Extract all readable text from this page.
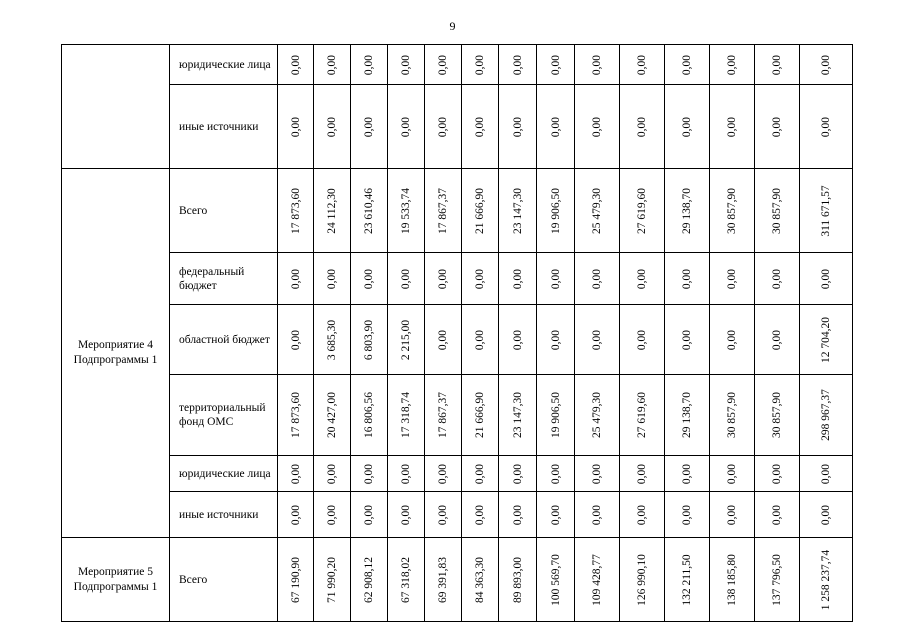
9
	юридические лица	0,00	0,00	0,00	0,00	0,00	0,00	0,00	0,00	0,00	0,00	0,00	0,00	0,00	0,00

	иные источники	0,00	0,00	0,00	0,00	0,00	0,00	0,00	0,00	0,00	0,00	0,00	0,00	0,00	0,00

Мероприятие 4 Подпрограммы 1	Всего	17 873,60	24 112,30	23 610,46	19 533,74	17 867,37	21 666,90	23 147,30	19 906,50	25 479,30	27 619,60	29 138,70	30 857,90	30 857,90	311 671,57

	федеральный бюджет	0,00	0,00	0,00	0,00	0,00	0,00	0,00	0,00	0,00	0,00	0,00	0,00	0,00	0,00

	областной бюджет	0,00	3 685,30	6 803,90	2 215,00	0,00	0,00	0,00	0,00	0,00	0,00	0,00	0,00	0,00	12 704,20

	территориальный фонд ОМС	17 873,60	20 427,00	16 806,56	17 318,74	17 867,37	21 666,90	23 147,30	19 906,50	25 479,30	27 619,60	29 138,70	30 857,90	30 857,90	298 967,37

	юридические лица	0,00	0,00	0,00	0,00	0,00	0,00	0,00	0,00	0,00	0,00	0,00	0,00	0,00	0,00

	иные источники	0,00	0,00	0,00	0,00	0,00	0,00	0,00	0,00	0,00	0,00	0,00	0,00	0,00	0,00

Мероприятие 5 Подпрограммы 1	Всего	67 190,90	71 990,20	62 908,12	67 318,02	69 391,83	84 363,30	89 893,00	100 569,70	109 428,77	126 990,10	132 211,50	138 185,80	137 796,50	1 258 237,74
